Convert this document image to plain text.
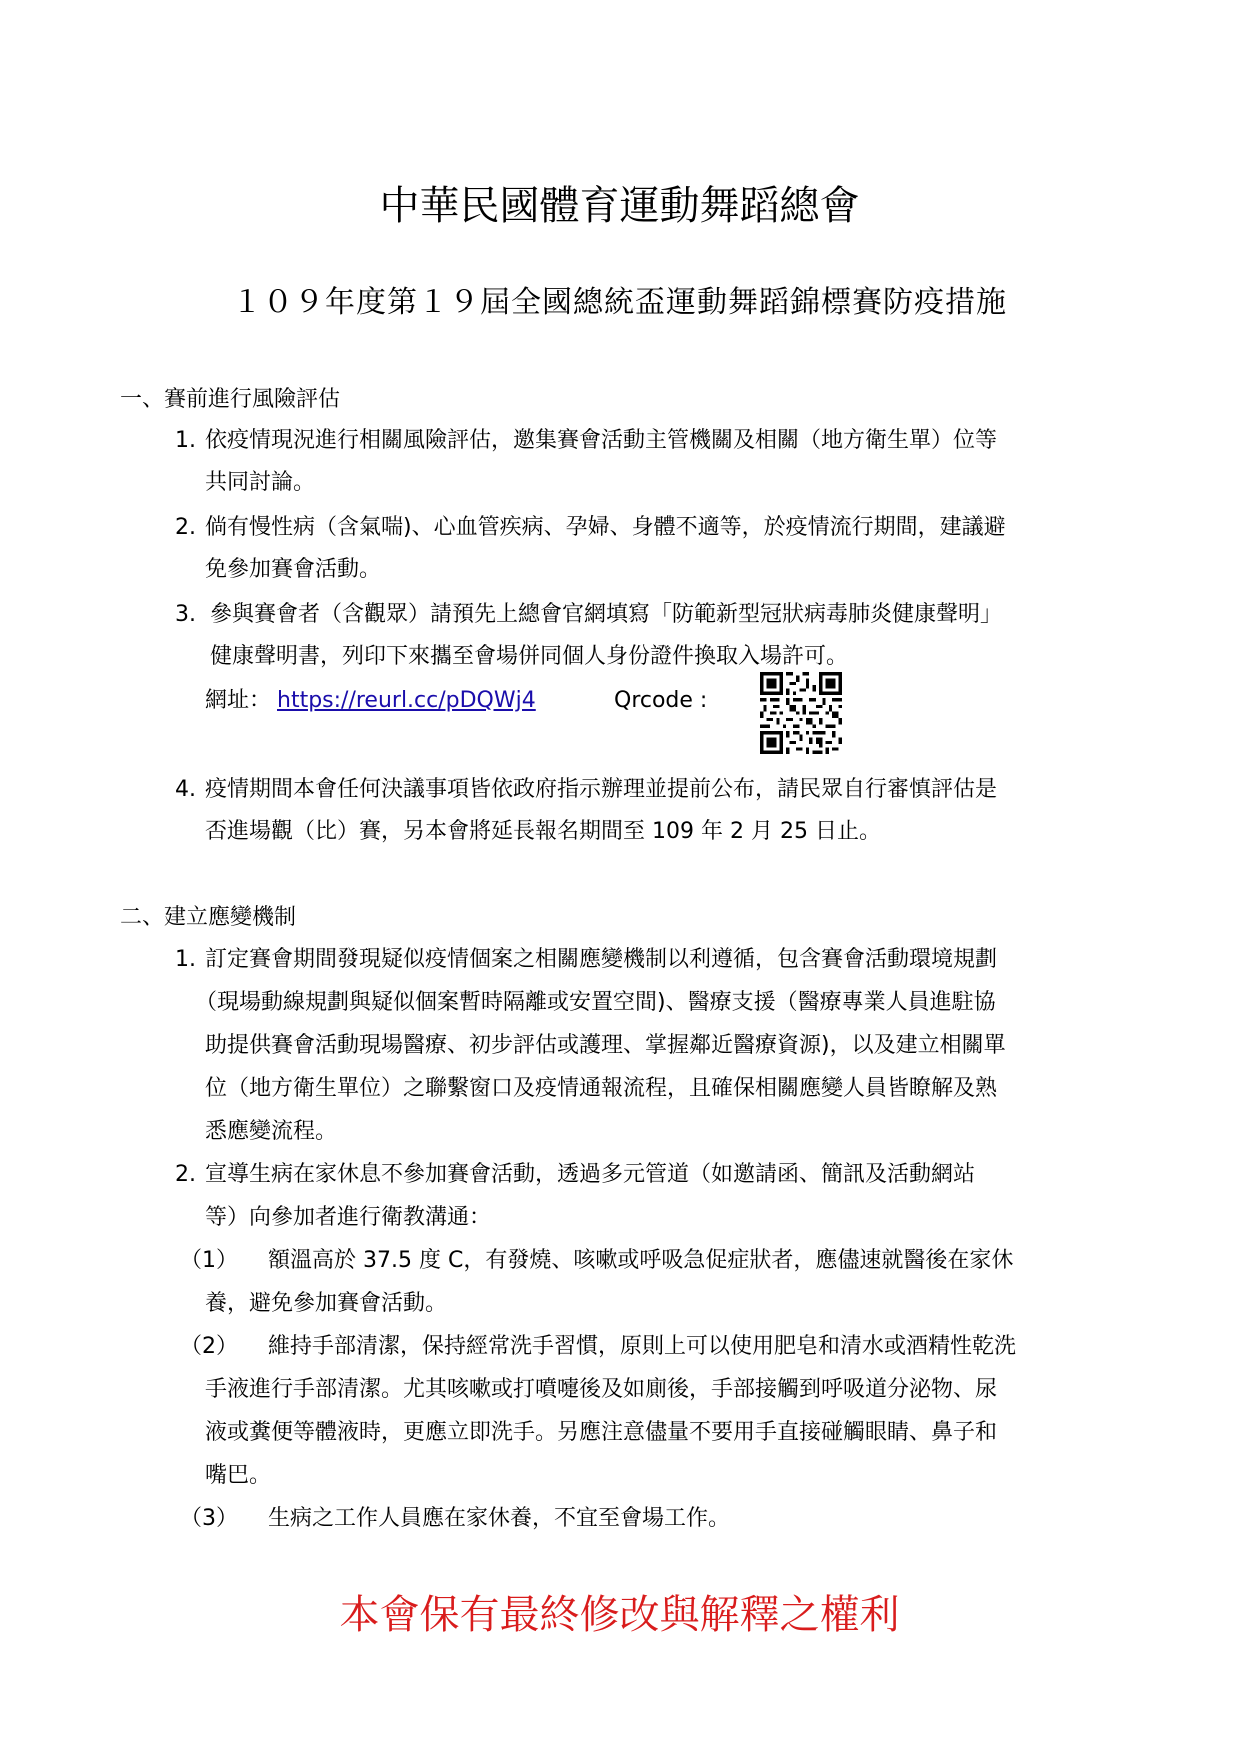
中華民國體育運動舞蹈總會
１０９年度第１９屆全國總統盃運動舞蹈錦標賽防疫措施
一、賽前進行風險評估
1. 依疫情現況進行相關風險評估，邀集賽會活動主管機關及相關（地方衛生單）位等
共同討論。
2. 倘有慢性病（含氣喘)、心血管疾病、孕婦、身體不適等，於疫情流行期間，建議避
免參加賽會活動。
3. 參與賽會者（含觀眾）請預先上總會官網填寫「防範新型冠狀病毒肺炎健康聲明」
健康聲明書，列印下來攜至會場併同個人身份證件換取入場許可。
網址： https://reurl.cc/pDQWj4	Qrcode :
4. 疫情期間本會任何決議事項皆依政府指示辦理並提前公布，請民眾自行審慎評估是
否進場觀（比）賽，另本會將延長報名期間至 109 年 2 月 25 日止。
二、建立應變機制
1. 訂定賽會期間發現疑似疫情個案之相關應變機制以利遵循，包含賽會活動環境規劃
（現場動線規劃與疑似個案暫時隔離或安置空間)、醫療支援（醫療專業人員進駐協
助提供賽會活動現場醫療、初步評估或護理、掌握鄰近醫療資源)，以及建立相關單
位（地方衛生單位）之聯繫窗口及疫情通報流程，且確保相關應變人員皆瞭解及熟
悉應變流程。
2. 宣導生病在家休息不參加賽會活動，透過多元管道（如邀請函、簡訊及活動網站
等）向參加者進行衛教溝通：
（1） 額溫高於 37.5 度 C，有發燒、咳嗽或呼吸急促症狀者，應儘速就醫後在家休
養，避免參加賽會活動。
（2） 維持手部清潔，保持經常洗手習慣，原則上可以使用肥皂和清水或酒精性乾洗
手液進行手部清潔。尤其咳嗽或打噴嚏後及如廁後，手部接觸到呼吸道分泌物、尿
液或糞便等體液時，更應立即洗手。另應注意儘量不要用手直接碰觸眼睛、鼻子和
嘴巴。
（3） 生病之工作人員應在家休養，不宜至會場工作。
本會保有最終修改與解釋之權利
